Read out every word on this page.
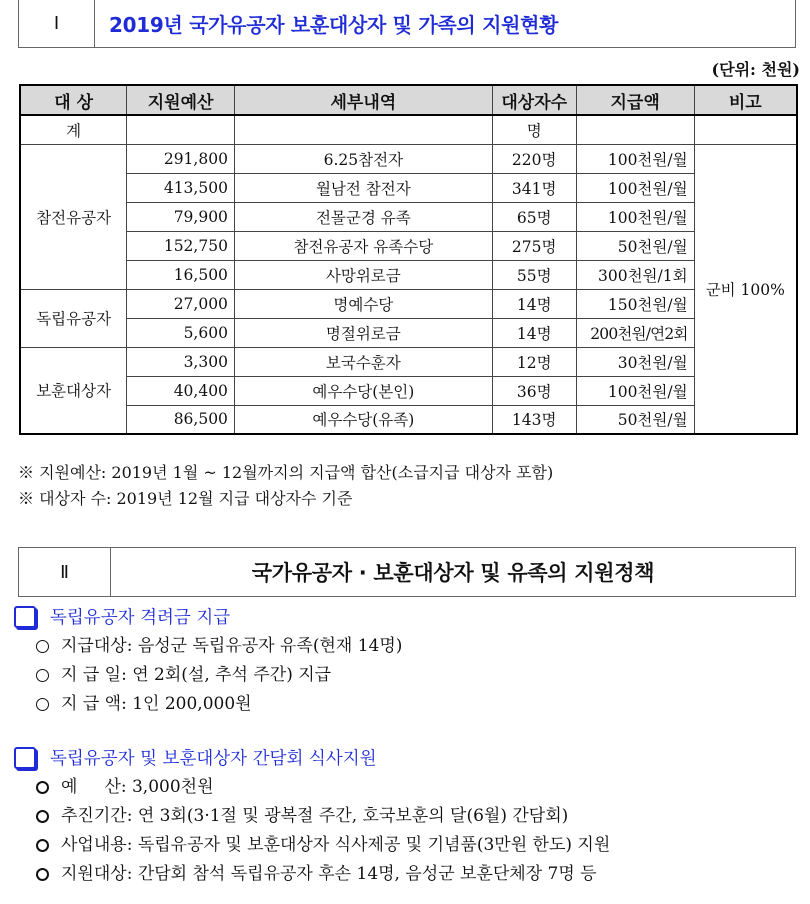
Ⅰ	2019년 국가유공자 보훈대상자 및 가족의 지원현황
(단위: 천원)
대 상	지원예산	세부내역	대상자수	지급액	비고
계			명		
참전유공자	291,800	6.25참전자	220명	100천원/월	군비 100%
	413,500	월남전 참전자	341명	100천원/월	
	79,900	전몰군경 유족	65명	100천원/월	
	152,750	참전유공자 유족수당	275명	50천원/월	
	16,500	사망위로금	55명	300천원/1회	
독립유공자	27,000	명예수당	14명	150천원/월	
	5,600	명절위로금	14명	200천원/연2회	
보훈대상자	3,300	보국수훈자	12명	30천원/월	
	40,400	예우수당(본인)	36명	100천원/월	
	86,500	예우수당(유족)	143명	50천원/월	
※ 지원예산: 2019년 1월 ~ 12월까지의 지급액 합산(소급지급 대상자 포함)
※ 대상자 수: 2019년 12월 지급 대상자수 기준
Ⅱ	국가유공자 · 보훈대상자 및 유족의 지원정책
독립유공자 격려금 지급
지급대상: 음성군 독립유공자 유족(현재 14명)
지 급 일: 연 2회(설, 추석 주간) 지급
지 급 액: 1인 200,000원
독립유공자 및 보훈대상자 간담회 식사지원
예     산: 3,000천원
추진기간: 연 3회(3·1절 및 광복절 주간, 호국보훈의 달(6월) 간담회)
사업내용: 독립유공자 및 보훈대상자 식사제공 및 기념품(3만원 한도) 지원
지원대상: 간담회 참석 독립유공자 후손 14명, 음성군 보훈단체장 7명 등
